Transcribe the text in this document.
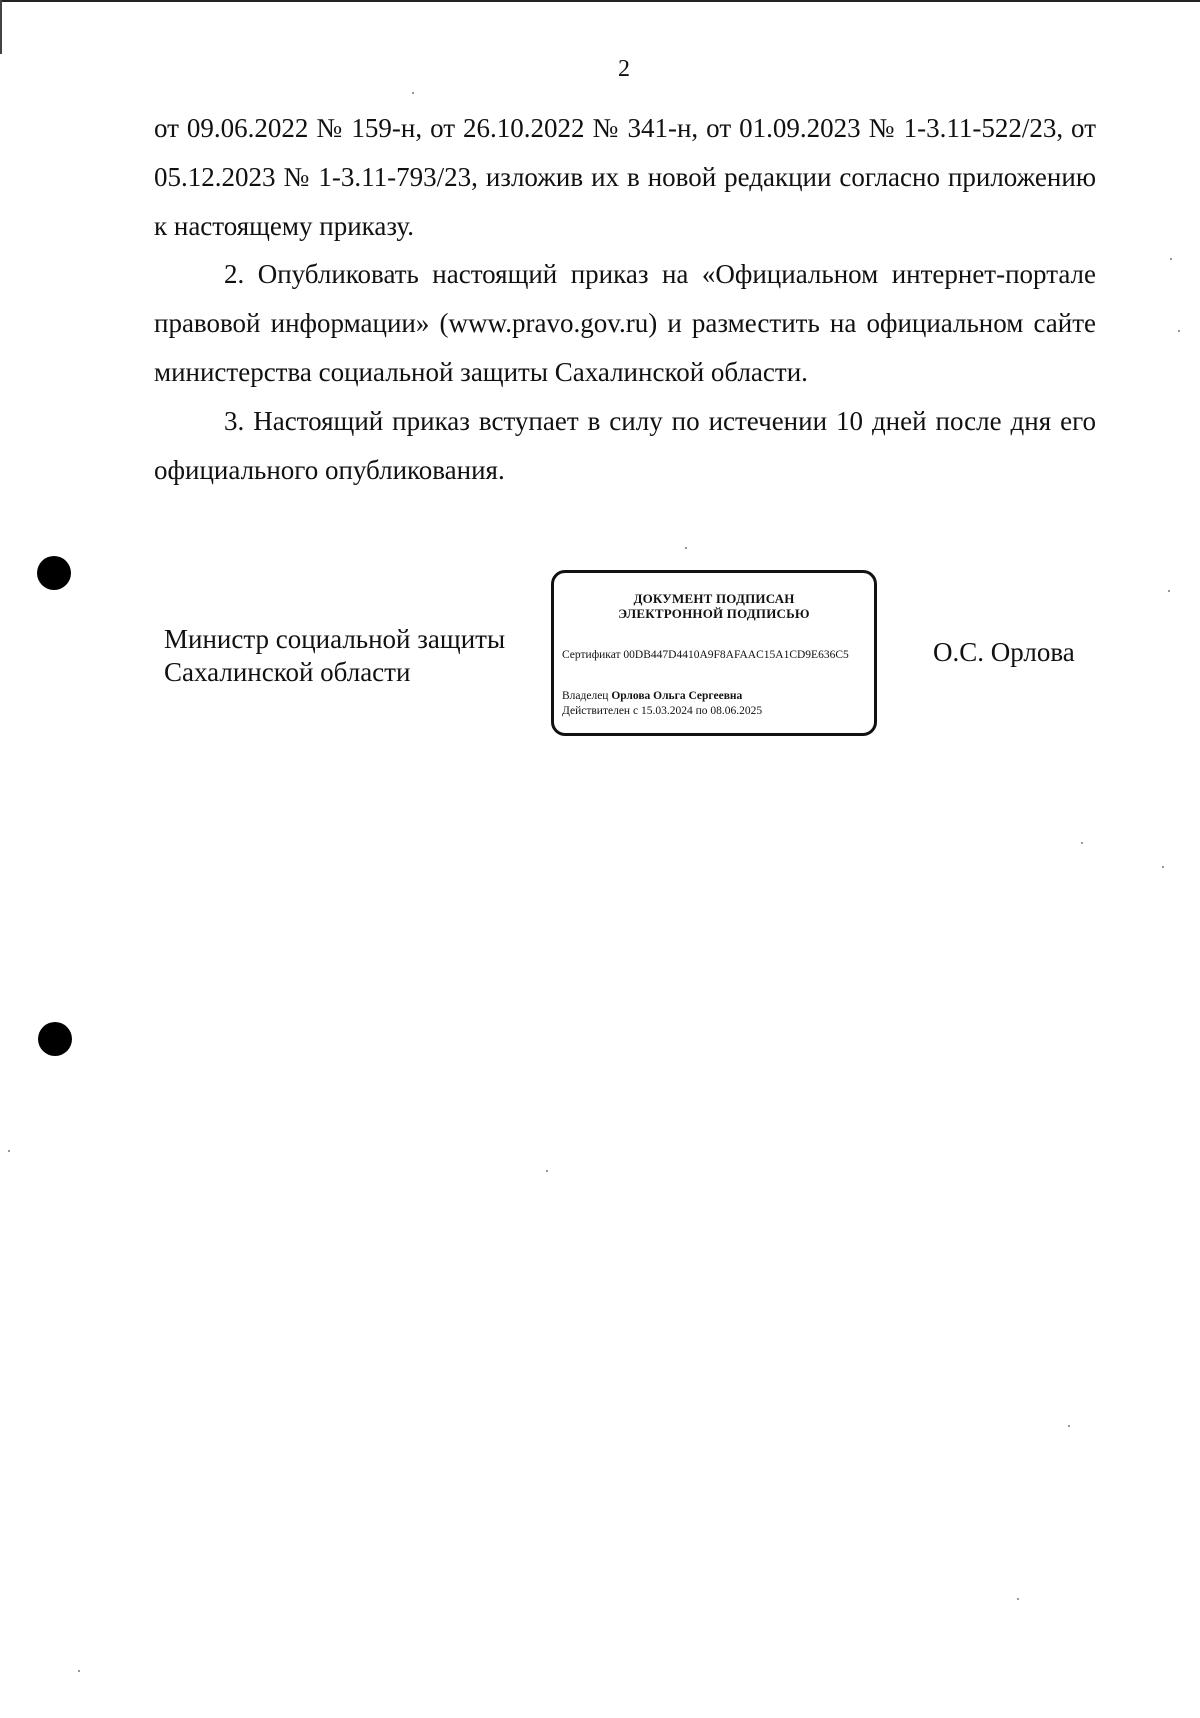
2

от 09.06.2022 № 159-н, от 26.10.2022 № 341-н, от 01.09.2023 № 1-3.11-522/23, от 05.12.2023 № 1-3.11-793/23, изложив их в новой редакции согласно приложению к настоящему приказу.

2. Опубликовать настоящий приказ на «Официальном интернет-портале правовой информации» (www.pravo.gov.ru) и разместить на официальном сайте министерства социальной защиты Сахалинской области.

3. Настоящий приказ вступает в силу по истечении 10 дней после дня его официального опубликования.

Министр социальной защиты
Сахалинской области
ДОКУМЕНТ ПОДПИСАН
ЭЛЕКТРОННОЙ ПОДПИСЬЮ
Сертификат 00DB447D4410A9F8AFAAC15A1CD9E636C5
Владелец Орлова Ольга Сергеевна
Действителен с 15.03.2024 по 08.06.2025
О.С. Орлова
